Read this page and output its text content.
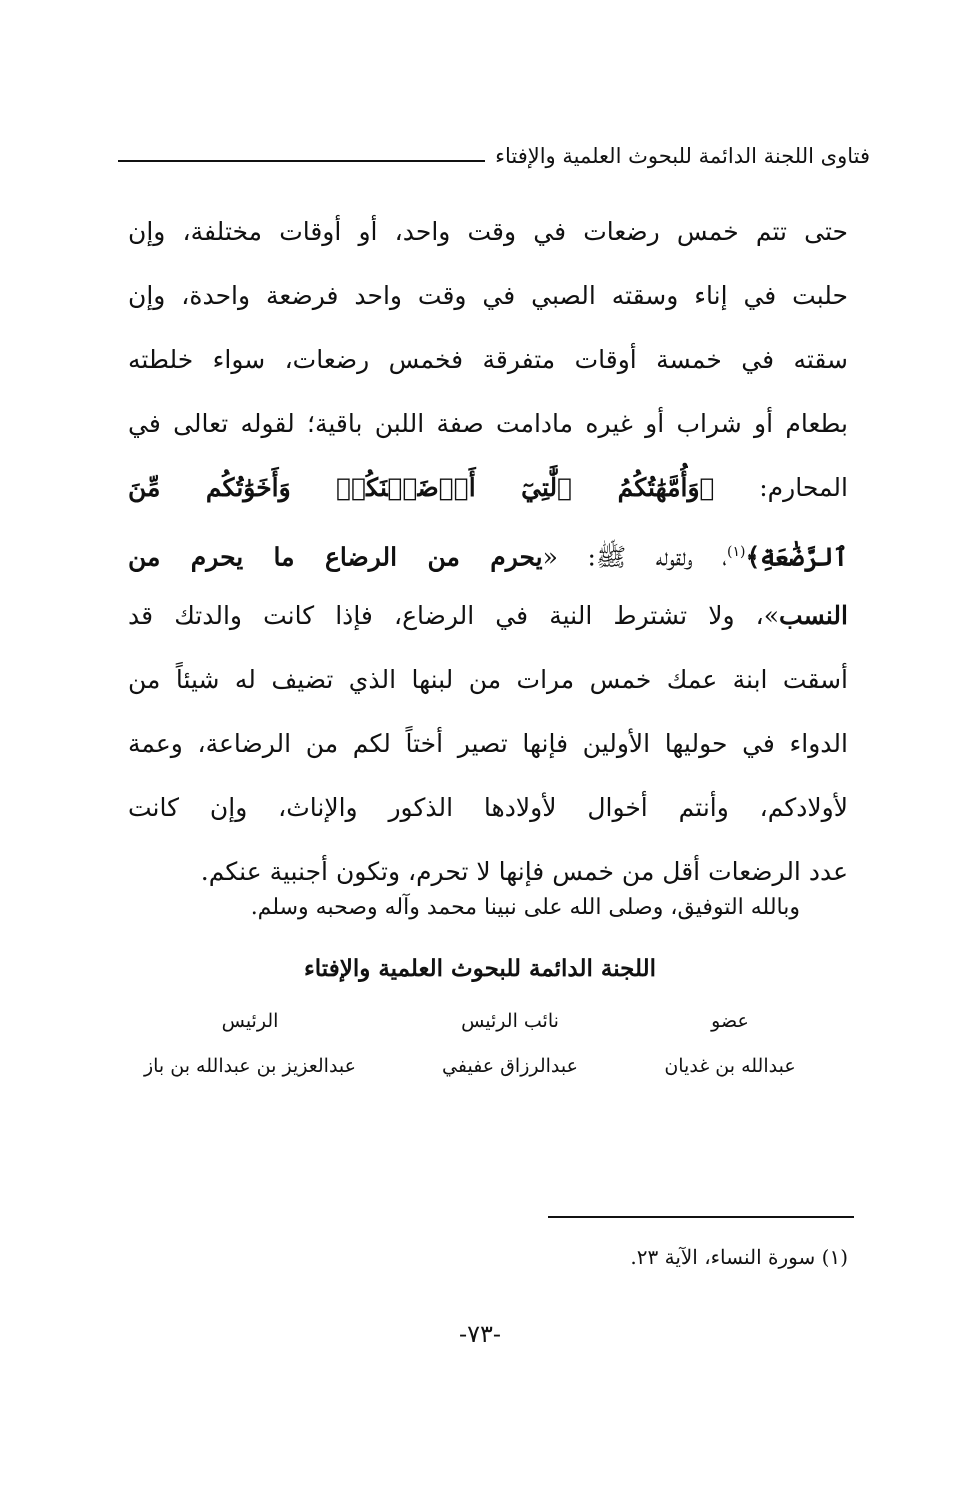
فتاوى اللجنة الدائمة للبحوث العلمية والإفتاء
حتى تتم خمس رضعات في وقت واحد، أو أوقات مختلفة، وإن
حلبت في إناء وسقته الصبي في وقت واحد فرضعة واحدة، وإن
سقته في خمسة أوقات متفرقة فخمس رضعات، سواء خلطته
بطعام أو شراب أو غيره مادامت صفة اللبن باقية؛ لقوله تعالى في
المحارم: ﴿وَأُمَّهَٰتُكُمُ ٱلَّٰتِيٓ أَرۡضَعۡنَكُمۡ وَأَخَوَٰتُكُم مِّنَ
ٱلرَّضَٰعَةِ﴾$^{(١)}$، ولقوله ﷺ: «يحرم من الرضاع ما يحرم من
النسب»، ولا تشترط النية في الرضاع، فإذا كانت والدتك قد
أسقت ابنة عمك خمس مرات من لبنها الذي تضيف له شيئاً من
الدواء في حوليها الأولين فإنها تصير أختاً لكم من الرضاعة، وعمة
لأولادكم، وأنتم أخوال لأولادها الذكور والإناث، وإن كانت
عدد الرضعات أقل من خمس فإنها لا تحرم، وتكون أجنبية عنكم.
وبالله التوفيق، وصلى الله على نبينا محمد وآله وصحبه وسلم.
اللجنة الدائمة للبحوث العلمية والإفتاء
عضو
نائب الرئيس
الرئيس
عبدالله بن غديان
عبدالرزاق عفيفي
عبدالعزيز بن عبدالله بن باز
(١) سورة النساء، الآية ٢٣.
-٧٣-
